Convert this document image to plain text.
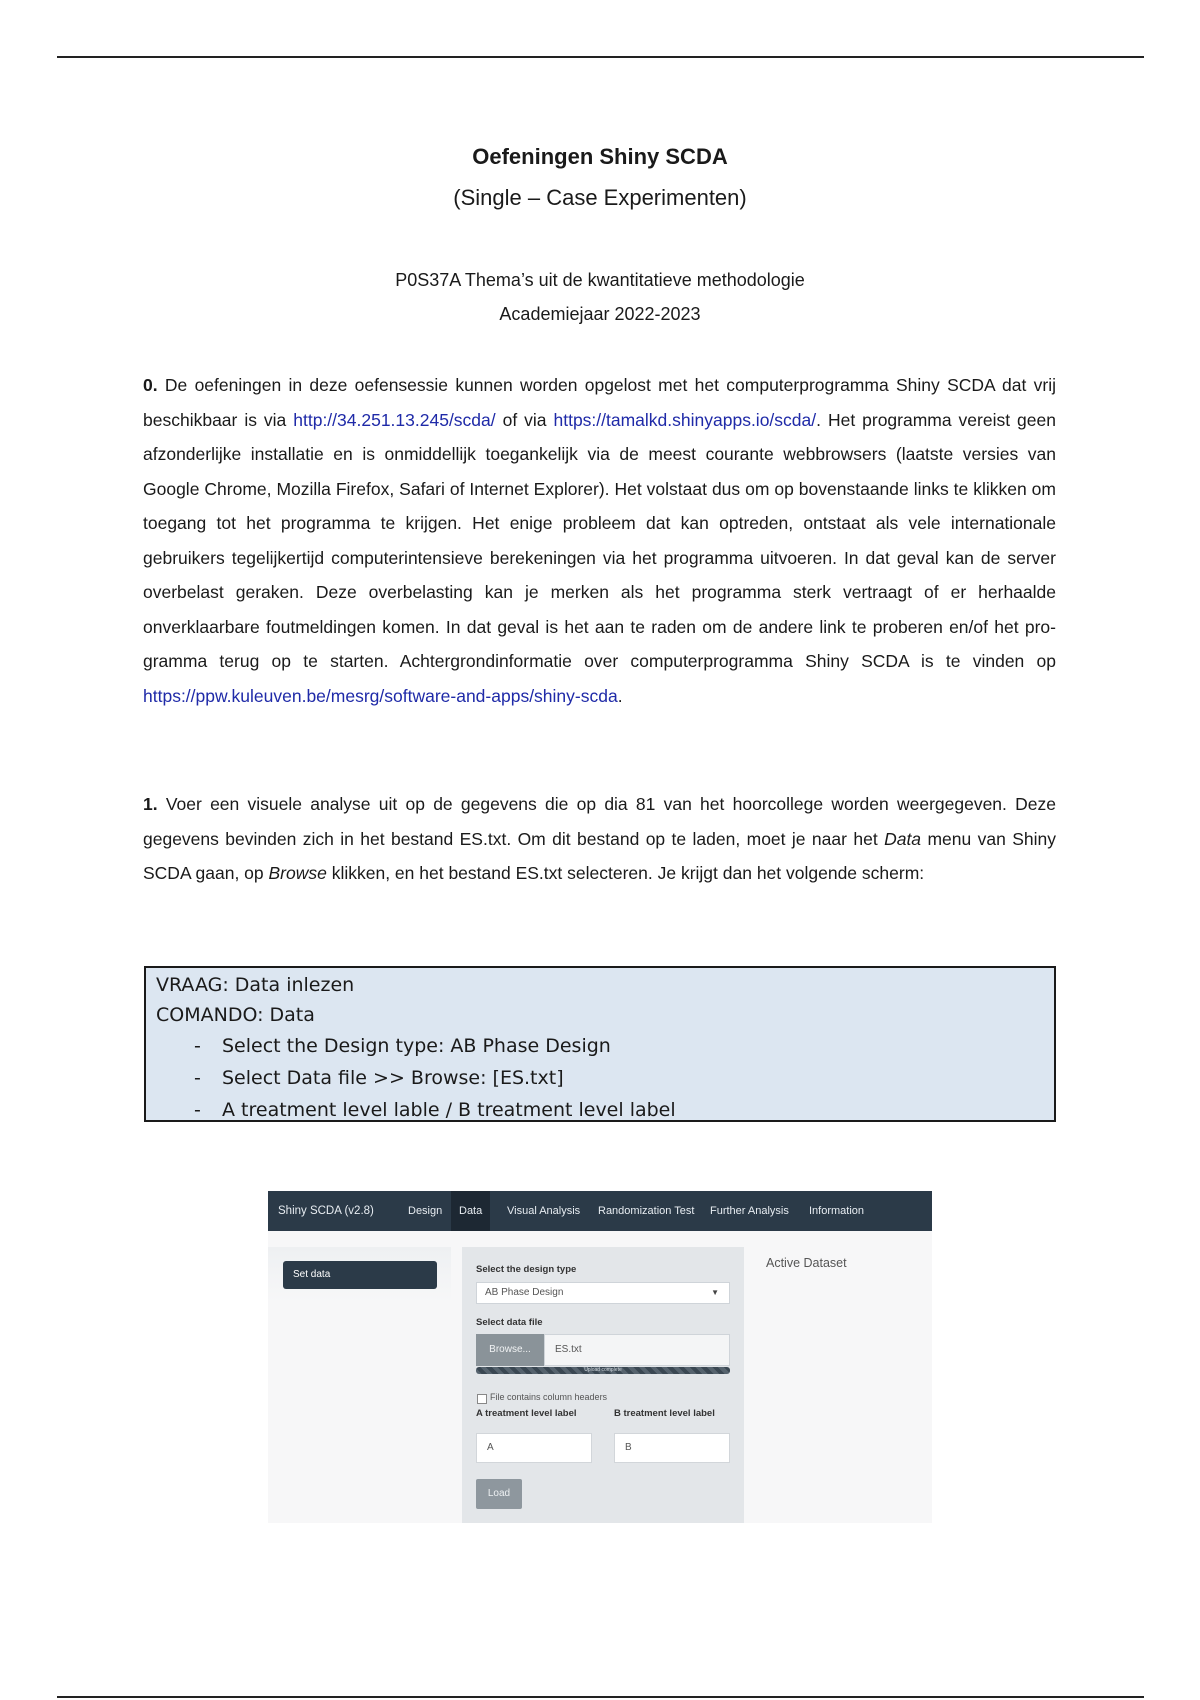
Oefeningen Shiny SCDA
(Single – Case Experimenten)
P0S37A Thema’s uit de kwantitatieve methodologie
Academiejaar 2022-2023

0. De oefeningen in deze oefensessie kunnen worden opgelost met het computerprogramma Shiny SCDA dat vrij beschikbaar is via http://34.251.13.245/scda/ of via https://tamalkd.shinyapps.io/scda/. Het programma vereist geen afzonderlijke installatie en is onmiddellijk toegankelijk via de meest courante webbrowsers (laatste versies van Google Chrome, Mozilla Firefox, Safari of Internet Explorer). Het volstaat dus om op bovenstaande links te klikken om toegang tot het programma te krijgen. Het enige probleem dat kan optreden, ontstaat als vele internationale gebruikers tegelijkertijd computerintensieve berekeningen via het programma uitvoeren. In dat geval kan de server overbelast geraken. Deze overbelasting kan je merken als het programma sterk vertraagt of er herhaalde onverklaarbare foutmeldingen komen. In dat geval is het aan te raden om de andere link te proberen en/of het programma terug op te starten. Achtergrondinformatie over computerprogramma Shiny SCDA is te vinden op https://ppw.kuleuven.be/mesrg/software-and-apps/shiny-scda.

1. Voer een visuele analyse uit op de gegevens die op dia 81 van het hoorcollege worden weergegeven. Deze gegevens bevinden zich in het bestand ES.txt. Om dit bestand op te laden, moet je naar het Data menu van Shiny SCDA gaan, op Browse klikken, en het bestand ES.txt selecteren. Je krijgt dan het volgende scherm:

VRAAG: Data inlezen
COMANDO: Data
- Select the Design type: AB Phase Design
- Select Data file >> Browse: [ES.txt]
- A treatment level lable / B treatment level label
Shiny SCDA (v2.8)	Design	Data	Visual Analysis Randomization Test Further Analysis Information
Set data	Select the design type
AB Phase Design	▼
Select data file
Browse...	ES.txt
Upload complete
File contains column headers
A treatment level label	B treatment level label
A	B
Load
Active Dataset
